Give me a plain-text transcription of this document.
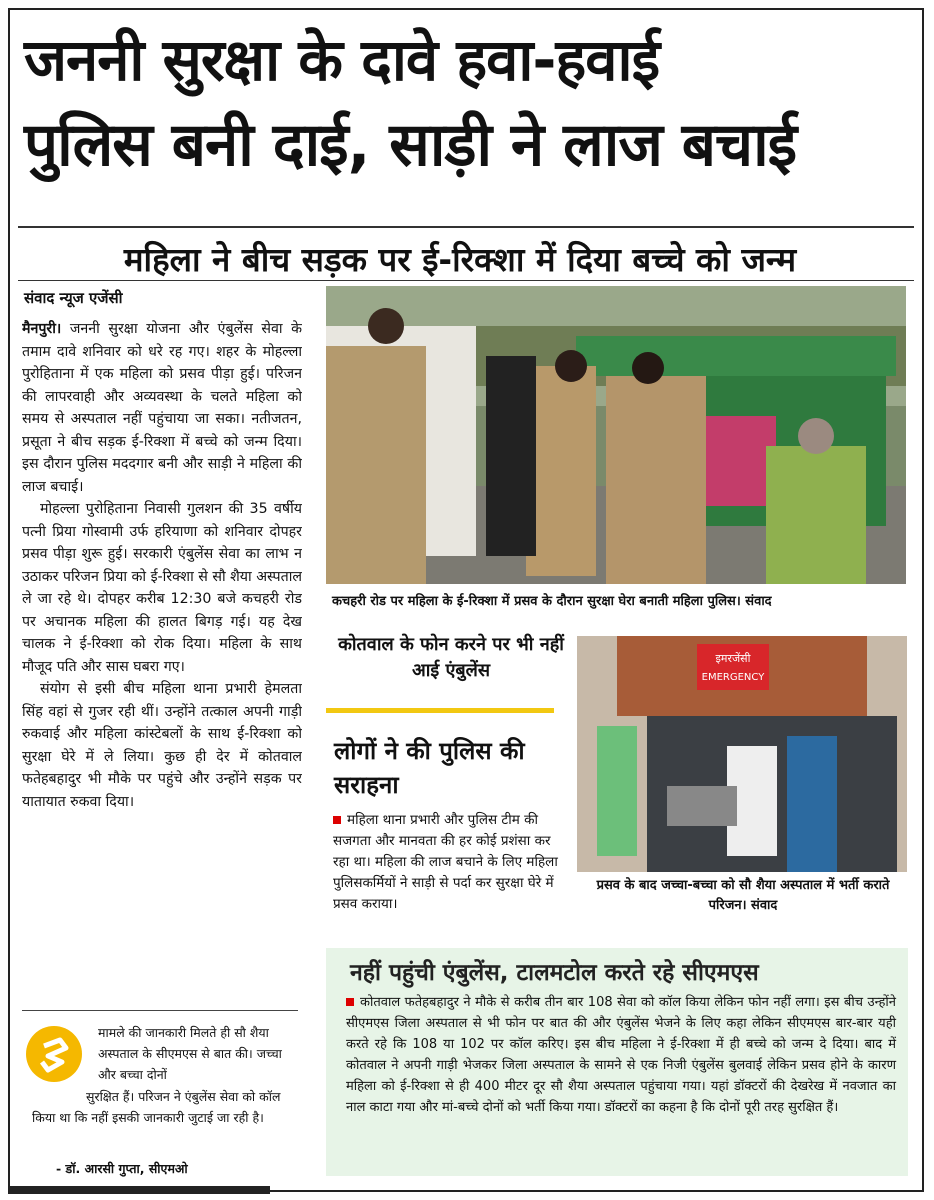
जननी सुरक्षा के दावे हवा-हवाई
पुलिस बनी दाई, साड़ी ने लाज बचाई
महिला ने बीच सड़क पर ई-रिक्शा में दिया बच्चे को जन्म
संवाद न्यूज एजेंसी

मैनपुरी। जननी सुरक्षा योजना और एंबुलेंस सेवा के तमाम दावे शनिवार को धरे रह गए। शहर के मोहल्ला पुरोहिताना में एक महिला को प्रसव पीड़ा हुई। परिजन की लापरवाही और अव्यवस्था के चलते महिला को समय से अस्पताल नहीं पहुंचाया जा सका। नतीजतन, प्रसूता ने बीच सड़क ई-रिक्शा में बच्चे को जन्म दिया। इस दौरान पुलिस मददगार बनी और साड़ी ने महिला की लाज बचाई।

मोहल्ला पुरोहिताना निवासी गुलशन की 35 वर्षीय पत्नी प्रिया गोस्वामी उर्फ हरियाणा को शनिवार दोपहर प्रसव पीड़ा शुरू हुई। सरकारी एंबुलेंस सेवा का लाभ न उठाकर परिजन प्रिया को ई-रिक्शा से सौ शैया अस्पताल ले जा रहे थे। दोपहर करीब 12:30 बजे कचहरी रोड पर अचानक महिला की हालत बिगड़ गई। यह देख चालक ने ई-रिक्शा को रोक दिया। महिला के साथ मौजूद पति और सास घबरा गए।

संयोग से इसी बीच महिला थाना प्रभारी हेमलता सिंह वहां से गुजर रही थीं। उन्होंने तत्काल अपनी गाड़ी रुकवाई और महिला कांस्टेबलों के साथ ई-रिक्शा को सुरक्षा घेरे में ले लिया। कुछ ही देर में कोतवाल फतेहबहादुर भी मौके पर पहुंचे और उन्होंने सड़क पर यातायात रुकवा दिया।

कचहरी रोड पर महिला के ई-रिक्शा में प्रसव के दौरान सुरक्षा घेरा बनाती महिला पुलिस। संवाद
कोतवाल के फोन करने पर भी नहीं आई एंबुलेंस
लोगों ने की पुलिस की सराहना
महिला थाना प्रभारी और पुलिस टीम की सजगता और मानवता की हर कोई प्रशंसा कर रहा था। महिला की लाज बचाने के लिए महिला पुलिसकर्मियों ने साड़ी से पर्दा कर सुरक्षा घेरे में प्रसव कराया।
इमरजेंसी
EMERGENCY
प्रसव के बाद जच्चा-बच्चा को सौ शैया अस्पताल में भर्ती कराते परिजन। संवाद
नहीं पहुंची एंबुलेंस, टालमटोल करते रहे सीएमएस
कोतवाल फतेहबहादुर ने मौके से करीब तीन बार 108 सेवा को कॉल किया लेकिन फोन नहीं लगा। इस बीच उन्होंने सीएमएस जिला अस्पताल से भी फोन पर बात की और एंबुलेंस भेजने के लिए कहा लेकिन सीएमएस बार-बार यही करते रहे कि 108 या 102 पर कॉल करिए। इस बीच महिला ने ई-रिक्शा में ही बच्चे को जन्म दे दिया। बाद में कोतवाल ने अपनी गाड़ी भेजकर जिला अस्पताल के सामने से एक निजी एंबुलेंस बुलवाई लेकिन प्रसव होने के कारण महिला को ई-रिक्शा से ही 400 मीटर दूर सौ शैया अस्पताल पहुंचाया गया। यहां डॉक्टरों की देखरेख में नवजात का नाल काटा गया और मां-बच्चे दोनों को भर्ती किया गया। डॉक्टरों का कहना है कि दोनों पूरी तरह सुरक्षित हैं।
मामले की जानकारी मिलते ही सौ शैया अस्पताल के सीएमएस से बात की। जच्चा और बच्चा दोनों
सुरक्षित हैं। परिजन ने एंबुलेंस सेवा को कॉल किया था कि नहीं इसकी जानकारी जुटाई जा रही है।
- डॉ. आरसी गुप्ता, सीएमओ
